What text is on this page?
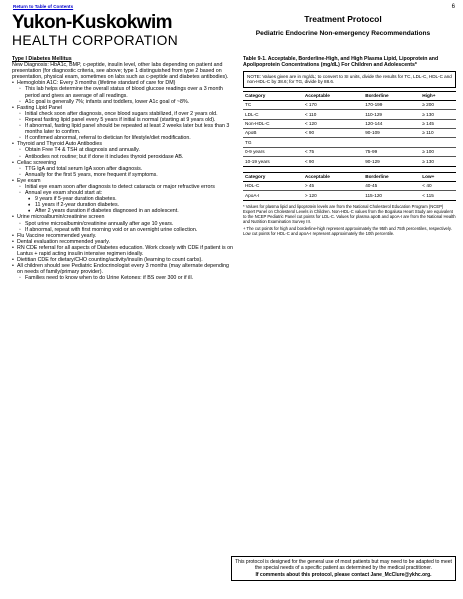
Return to Table of Contents	6
Yukon-Kuskokwim
HEALTH CORPORATION
Treatment Protocol
Pediatric Endocrine Non-emergency Recommendations
Type I Diabetes Mellitus
New Diagnosis: HbA1c, BMP, c-peptide, insulin level, other labs depending on patient and presentation (for diagnostic criteria, see above; type 1 distinguished from type 2 based on presentation, physical exam, sometimes on labs such as c-peptide and diabetes antibodies).
• Hemoglobin A1C: Every 3 months (lifetime standard of care for DM)
◦ This lab helps determine the overall status of blood glucose readings over a 3 month period and gives an average of all readings.
◦ A1c goal is generally 7%; infants and toddlers, lower A1c goal of ~8%.
• Fasting Lipid Panel
◦ Initial check soon after diagnosis, once blood sugars stabilized, if over 2 years old.
◦ Repeat fasting lipid panel every 5 years if initial is normal (starting at 9 years old).
◦ If abnormal, fasting lipid panel should be repeated at least 2 weeks later but less than 3 months later to confirm.
◦ If confirmed abnormal, referral to dietician for lifestyle/diet modification.
• Thyroid and Thyroid Auto Antibodies
◦ Obtain Free T4 & TSH at diagnosis and annually.
◦ Antibodies not routine; but if done it includes thyroid peroxidase AB.
• Celiac screening
◦ TTG IgA and total serum IgA soon after diagnosis.
◦ Annually for the first 5 years, more frequent if symptoms.
• Eye exam
◦ Initial eye exam soon after diagnosis to detect cataracts or major refractive errors
◦ Annual eye exam should start at:
♦ 9 years if 5-year duration diabetes.
♦ 11 years if 2-year duration diabetes.
♦ After 2 years duration if diabetes diagnosed in an adolescent.
• Urine microalbumin/creatinine screen
◦ Spot urine microalbumin/creatinine annually after age 10 years.
◦ If abnormal, repeat with first morning void or an overnight urine collection.
• Flu Vaccine recommended yearly.
• Dental evaluation recommended yearly.
• RN CDE referral for all aspects of Diabetes education. Work closely with CDE if patient is on Lantus + rapid acting insulin intensive regimen ideally.
• Dietitian CDE for dietary/CHO counting/activity/insulin (learning to count carbs).
• All children should see Pediatric Endocrinologist every 3 months (may alternate depending on needs of family/primary provider).
◦ Families need to know when to do Urine Ketones: if BS over 300 or if ill.
Table 9-1. Acceptable, Borderline-High, and High Plasma Lipid, Lipoprotein and Apolipoprotein Concentrations (mg/dL) For Children and Adolescents*
NOTE: Values given are in mg/dL; to convert to SI units, divide the results for TC, LDL-C, HDL-C and non-HDL-C by 38.6; for TG, divide by 88.6.
Category	Acceptable	Borderline	High+
TC	< 170	170-199	≥ 200
LDL-C	< 110	110-129	≥ 130
Non-HDL-C	< 120	120-144	≥ 145
ApoB	< 90	90-109	≥ 110
TG			
0-9 years	< 75	75-99	≥ 100
10-19 years	< 90	90-129	≥ 130

Category	Acceptable	Borderline	Low+
HDL-C	> 45	40-45	< 40
ApoA-I	> 120	115-120	< 115
* Values for plasma lipid and lipoprotein levels are from the National Cholesterol Education Program (NCEP) Expert Panel on Cholesterol Levels in Children. Non-HDL-C values from the Bogalusa Heart Study are equivalent to the NCEP Pediatric Panel cut points for LDL-C. Values for plasma apoB and apoA-I are from the National Health and Nutrition Examination Survey III.
+ The cut points for high and borderline-high represent approximately the 95th and 75th percentiles, respectively. Low cut points for HDL-C and apoA-I represent approximately the 10th percentile.
This protocol is designed for the general use of most patients but may need to be adapted to meet the special needs of a specific patient as determined by the medical practitioner.
If comments about this protocol, please contact Jane_McClure@ykhc.org.
